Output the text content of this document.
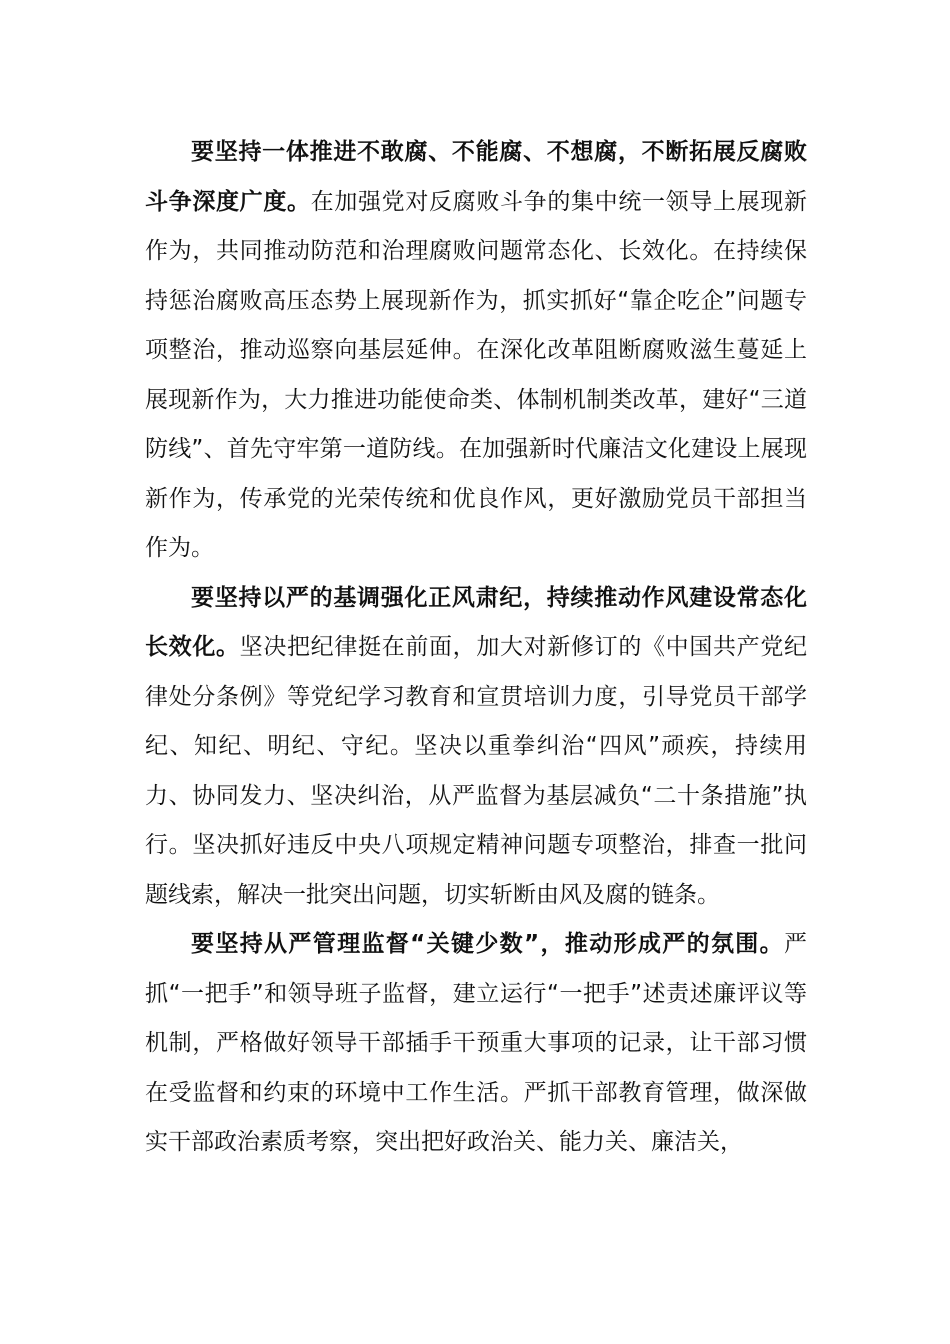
要坚持一体推进不敢腐、不能腐、不想腐，不断拓展反腐败斗争深度广度。在加强党对反腐败斗争的集中统一领导上展现新作为，共同推动防范和治理腐败问题常态化、长效化。在持续保持惩治腐败高压态势上展现新作为，抓实抓好“靠企吃企”问题专项整治，推动巡察向基层延伸。在深化改革阻断腐败滋生蔓延上展现新作为，大力推进功能使命类、体制机制类改革，建好“三道防线”、首先守牢第一道防线。在加强新时代廉洁文化建设上展现新作为，传承党的光荣传统和优良作风，更好激励党员干部担当作为。

要坚持以严的基调强化正风肃纪，持续推动作风建设常态化长效化。坚决把纪律挺在前面，加大对新修订的《中国共产党纪律处分条例》等党纪学习教育和宣贯培训力度，引导党员干部学纪、知纪、明纪、守纪。坚决以重拳纠治“四风”顽疾，持续用力、协同发力、坚决纠治，从严监督为基层减负“二十条措施”执行。坚决抓好违反中央八项规定精神问题专项整治，排查一批问题线索，解决一批突出问题，切实斩断由风及腐的链条。

要坚持从严管理监督“关键少数”，推动形成严的氛围。严抓“一把手”和领导班子监督，建立运行“一把手”述责述廉评议等机制，严格做好领导干部插手干预重大事项的记录，让干部习惯在受监督和约束的环境中工作生活。严抓干部教育管理，做深做实干部政治素质考察，突出把好政治关、能力关、廉洁关，
